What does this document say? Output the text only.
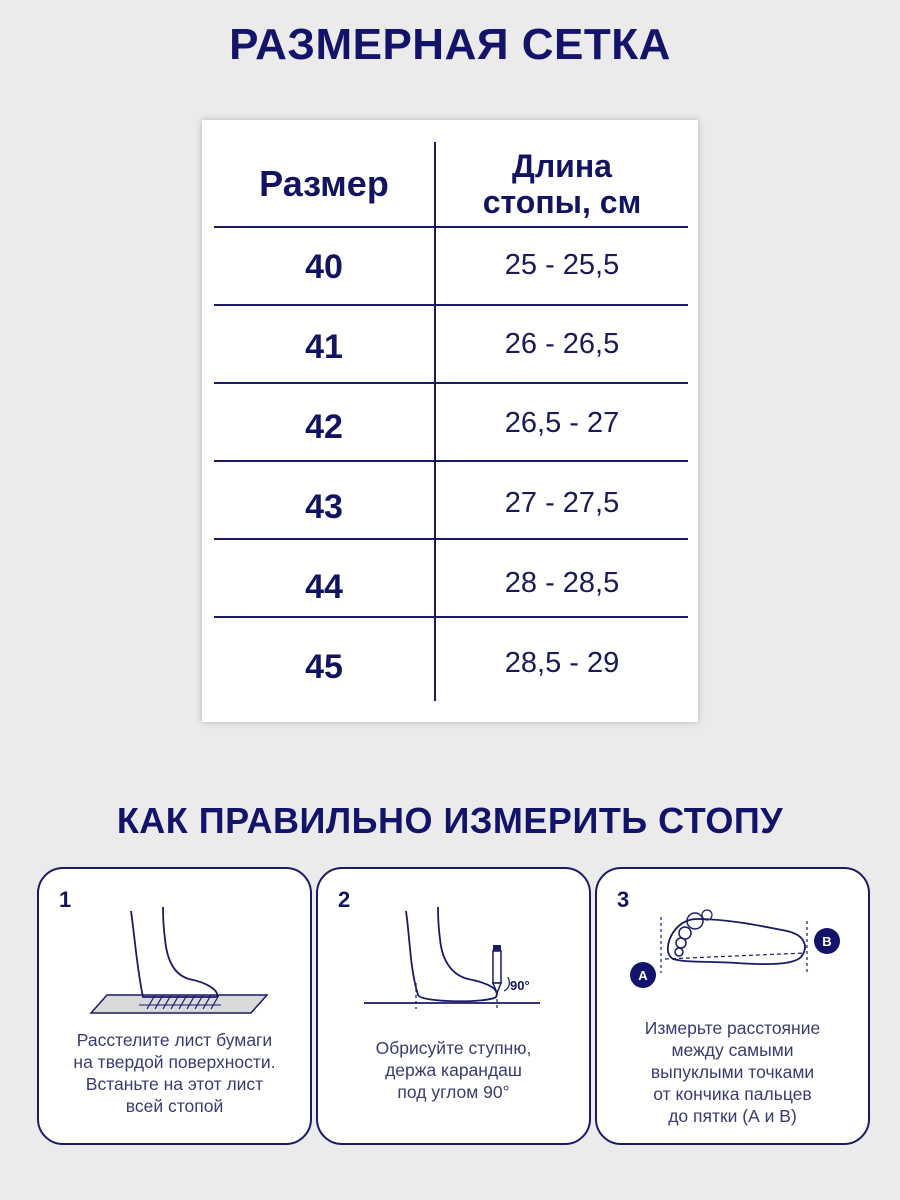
РАЗМЕРНАЯ СЕТКА
Размер	Длина
стопы, см
40	25 - 25,5
41	26 - 26,5
42	26,5 - 27
43	27 - 27,5
44	28 - 28,5
45	28,5 - 29
КАК ПРАВИЛЬНО ИЗМЕРИТЬ СТОПУ
1
Расстелите лист бумаги
на твердой поверхности.
Встаньте на этот лист
всей стопой
2
90°
Обрисуйте ступню,
держа карандаш
под углом 90°
3
A
B
Измерьте расстояние
между самыми
выпуклыми точками
от кончика пальцев
до пятки (А и В)
